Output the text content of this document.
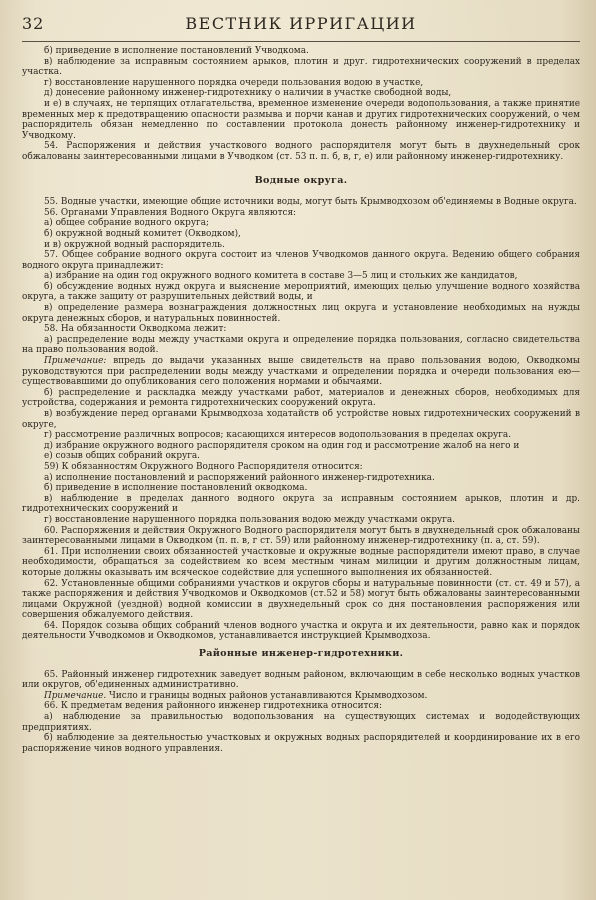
32	ВЕСТНИК ИРРИГАЦИИ

б) приведение в исполнение постановлений Учводкома.

в) наблюдение за исправным состоянием арыков, плотин и друг. гидротехнических сооружений в пределах участка.

г) восстановление нарушенного порядка очереди пользования водою в участке,

д) донесение районному инженер-гидротехнику о наличии в участке свободной воды,

и е) в случаях, не терпящих отлагательства, временное изменение очереди водопользования, а также принятие временных мер к предотвращению опасности размыва и порчи канав и других гидротехнических сооружений, о чем распорядитель обязан немедленно по составлении протокола донесть районному инженер-гидротехнику и Учводкому.

54. Распоряжения и действия участкового водного распорядителя могут быть в двухнедельный срок обжалованы заинтересованными лицами в Учводком (ст. 53 п. п. б, в, г, е) или районному инженер-гидротехнику.

Водные округа.

55. Водные участки, имеющие общие источники воды, могут быть Крымводхозом об'единяемы в Водные округа.

56. Органами Управления Водного Округа являются:

а) общее собрание водного округа;

б) окружной водный комитет (Окводком),

и в) окружной водный распорядитель.

57. Общее собрание водного округа состоит из членов Учводкомов данного округа. Ведению общего собрания водного округа принадлежит:

а) избрание на один год окружного водного комитета в составе 3—5 лиц и стольких же кандидатов,

б) обсуждение водных нужд округа и выяснение мероприятий, имеющих целью улучшение водного хозяйства округа, а также защиту от разрушительных действий воды, и

в) определение размера вознаграждения должностных лиц округа и установление необходимых на нужды округа денежных сборов, и натуральных повинностей.

58. На обязанности Окводкома лежит:

а) распределение воды между участками округа и определение порядка пользования, согласно свидетельства на право пользования водой.

Примечание: впредь до выдачи указанных выше свидетельств на право пользования водою, Окводкомы руководствуются при распределении воды между участками и определении порядка и очереди пользования ею—существовавшими до опубликования сего положения нормами и обычаями.

б) распределение и раскладка между участками работ, материалов и денежных сборов, необходимых для устройства, содержания и ремонта гидротехнических сооружений округа.

в) возбуждение перед органами Крымводхоза ходатайств об устройстве новых гидротехнических сооружений в округе,

г) рассмотрение различных вопросов; касающихся интересов водопользования в пределах округа.

д) избрание окружного водного распорядителя сроком на один год и рассмотрение жалоб на него и

е) созыв общих собраний округа.

59) К обязанностям Окружного Водного Распорядителя относится:

а) исполнение постановлений и распоряжений районного инженер-гидротехника.

б) приведение в исполнение постановлений окводкома.

в) наблюдение в пределах данного водного округа за исправным состоянием арыков, плотин и др. гидротехнических сооружений и

г) восстановление нарушенного порядка пользования водою между участками округа.

60. Распоряжения и действия Окружного Водного распорядителя могут быть в двухнедельный срок обжалованы заинтересованными лицами в Окводком (п. п. в, г ст. 59) или районному инженер-гидротехнику (п. а, ст. 59).

61. При исполнении своих обязанностей участковые и окружные водные распорядители имеют право, в случае необходимости, обращаться за содействием ко всем местным чинам милиции и другим должностным лицам, которые должны оказывать им всяческое содействие для успешного выполнения их обязанностей.

62. Установленные общими собраниями участков и округов сборы и натуральные повинности (ст. ст. 49 и 57), а также распоряжения и действия Учводкомов и Окводкомов (ст.52 и 58) могут быть обжалованы заинтересованными лицами Окружной (уездной) водной комиссии в двухнедельный срок со дня постановления распоряжения или совершения обжалуемого действия.

64. Порядок созыва общих собраний членов водного участка и округа и их деятельности, равно как и порядок деятельности Учводкомов и Окводкомов, устанавливается инструкцией Крымводхоза.

Районные инженер-гидротехники.

65. Районный инженер гидротехник заведует водным районом, включающим в себе несколько водных участков или округов, об'единенных административно.

Примечание. Число и границы водных районов устанавливаются Крымводхозом.

66. К предметам ведения районного инженер гидротехника относится:

а) наблюдение за правильностью водопользования на существующих системах и вододействующих предприятиях.

б) наблюдение за деятельностью участковых и окружных водных распорядителей и координирование их в его распоряжение чинов водного управления.
